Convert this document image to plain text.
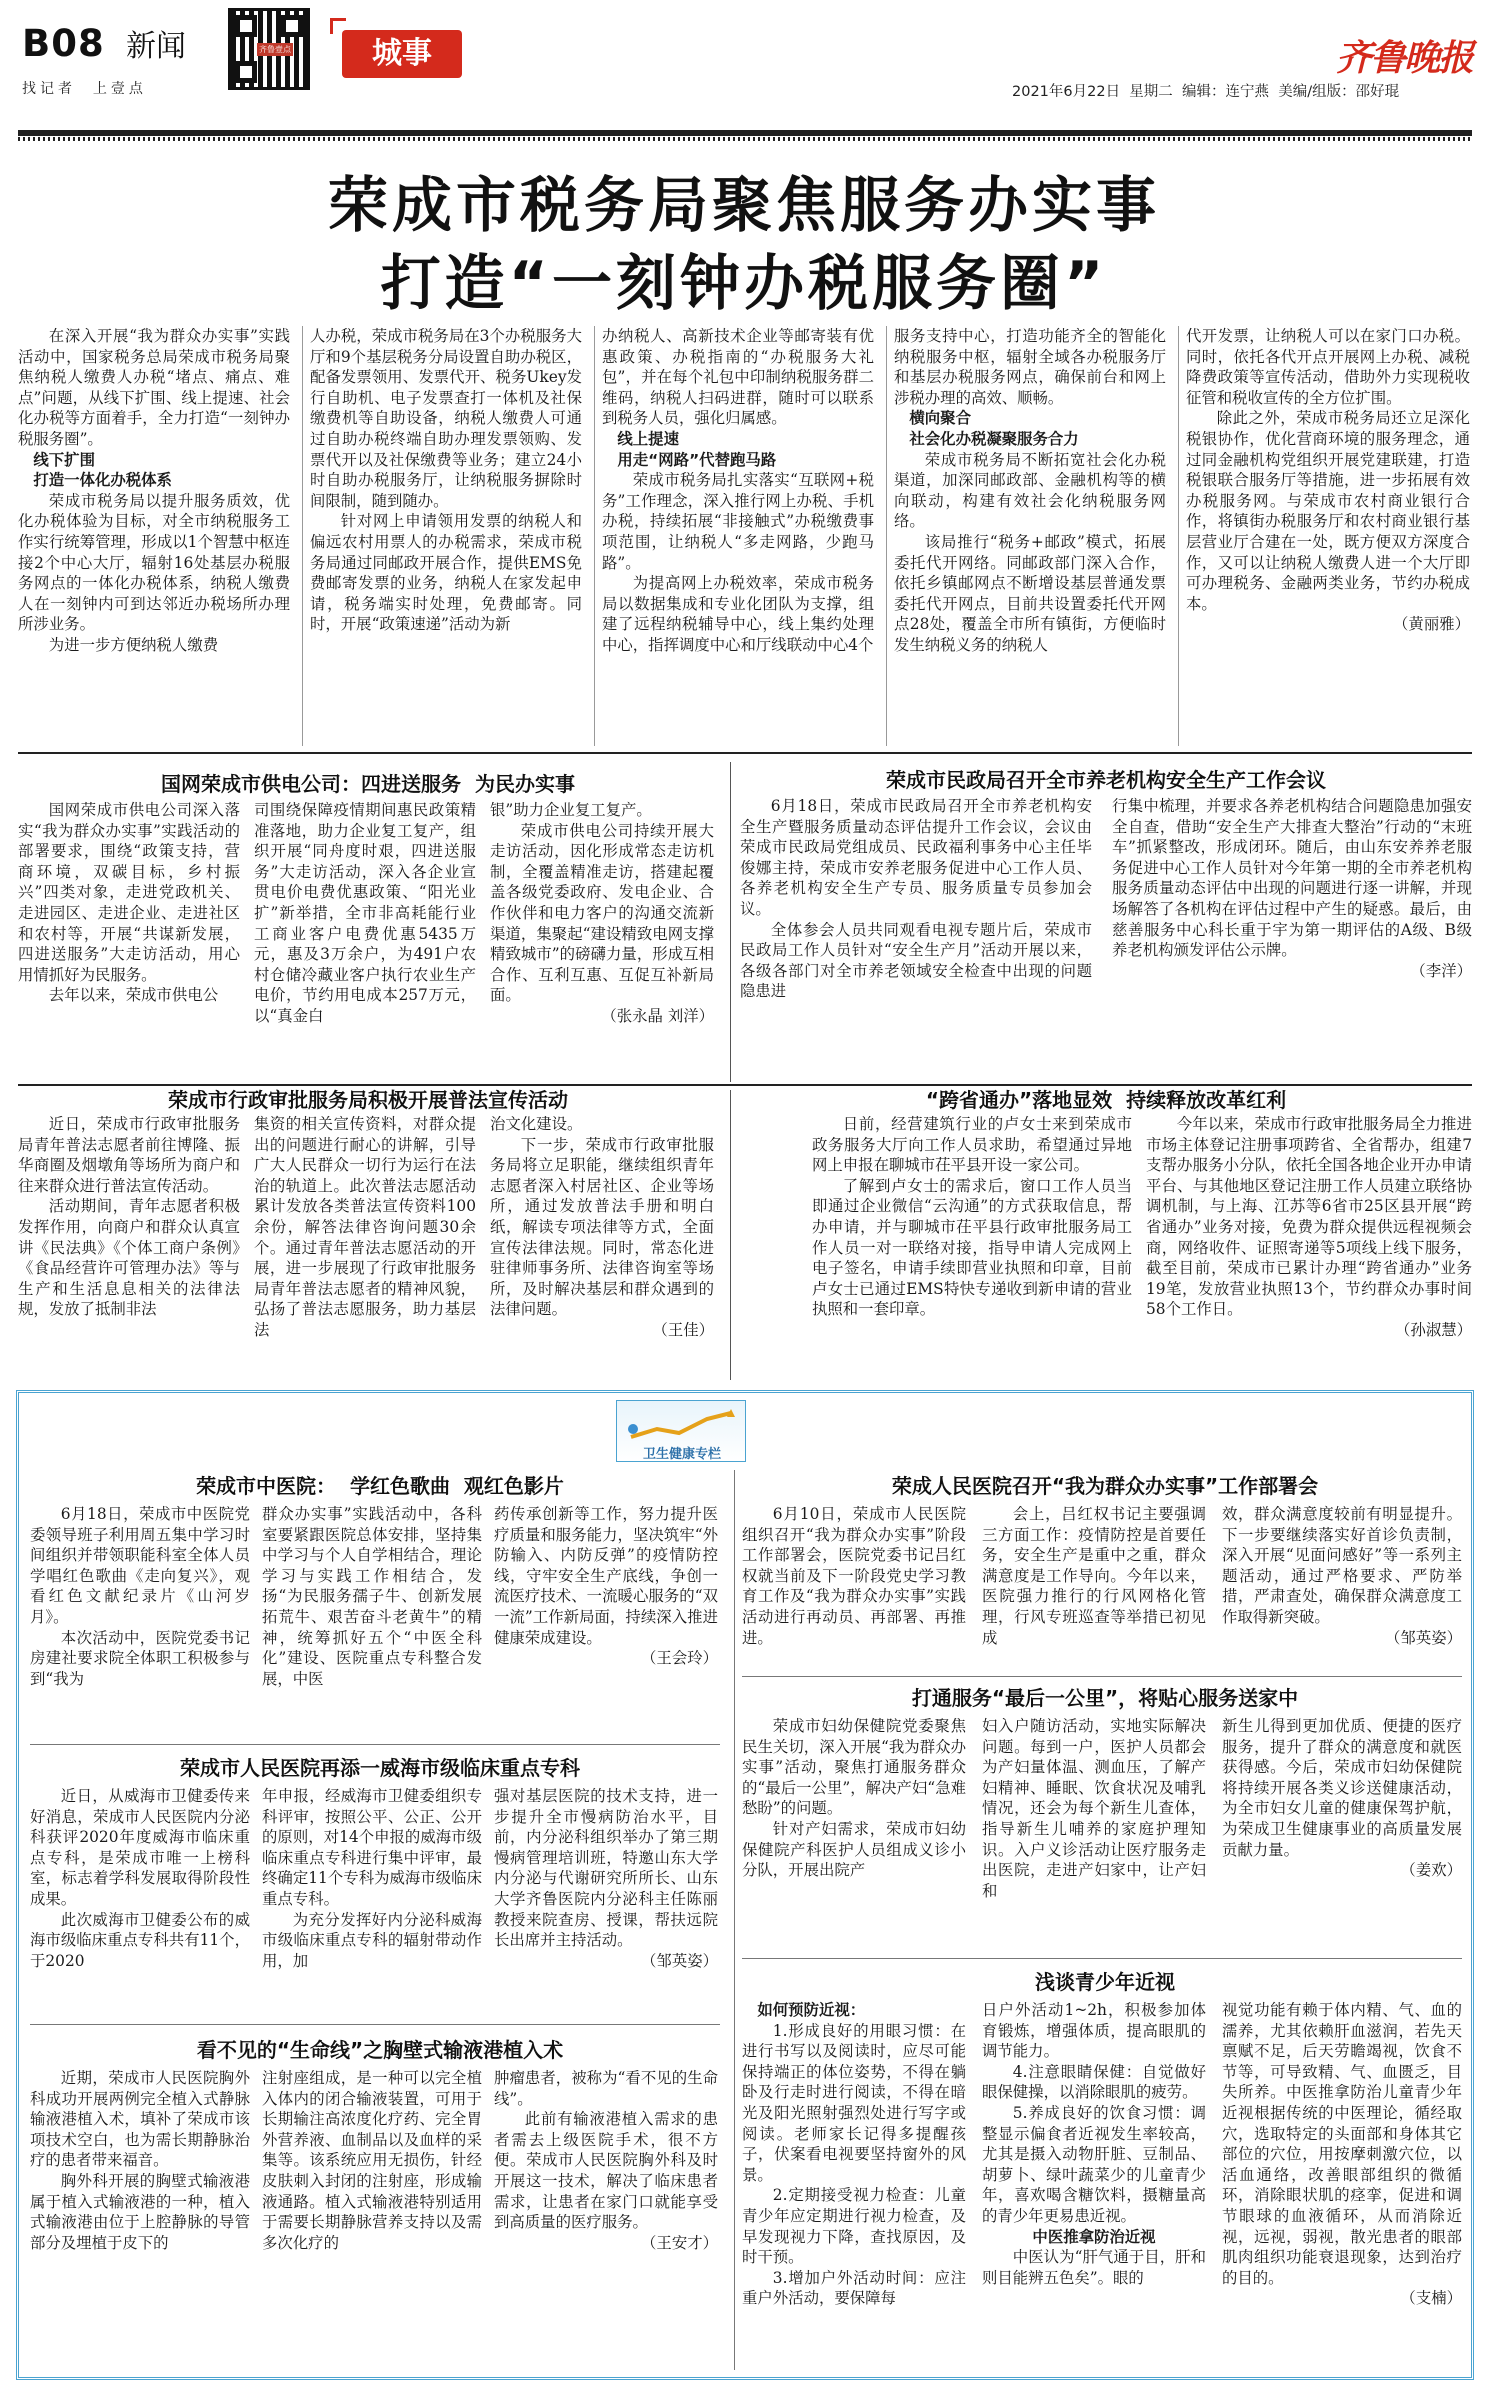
B08 新闻
找记者  上壹点
齐鲁壹点	城事	齐鲁晚报
2021年6月22日  星期二  编辑：连宁燕  美编/组版：邵好琨
荣成市税务局聚焦服务办实事
打造“一刻钟办税服务圈”
在深入开展“我为群众办实事”实践活动中，国家税务总局荣成市税务局聚焦纳税人缴费人办税“堵点、痛点、难点”问题，从线下扩围、线上提速、社会化办税等方面着手，全力打造“一刻钟办税服务圈”。
线下扩围
打造一体化办税体系
荣成市税务局以提升服务质效，优化办税体验为目标，对全市纳税服务工作实行统筹管理，形成以1个智慧中枢连接2个中心大厅，辐射16处基层办税服务网点的一体化办税体系，纳税人缴费人在一刻钟内可到达邻近办税场所办理所涉业务。
为进一步方便纳税人缴费
人办税，荣成市税务局在3个办税服务大厅和9个基层税务分局设置自助办税区，配备发票领用、发票代开、税务Ukey发行自助机、电子发票查打一体机及社保缴费机等自助设备，纳税人缴费人可通过自助办税终端自助办理发票领购、发票代开以及社保缴费等业务；建立24小时自助办税服务厅，让纳税服务摒除时间限制，随到随办。
针对网上申请领用发票的纳税人和偏远农村用票人的办税需求，荣成市税务局通过同邮政开展合作，提供EMS免费邮寄发票的业务，纳税人在家发起申请，税务端实时处理，免费邮寄。同时，开展“政策速递”活动为新
办纳税人、高新技术企业等邮寄装有优惠政策、办税指南的“办税服务大礼包”，并在每个礼包中印制纳税服务群二维码，纳税人扫码进群，随时可以联系到税务人员，强化归属感。
线上提速
用走“网路”代替跑马路
荣成市税务局扎实落实“互联网+税务”工作理念，深入推行网上办税、手机办税，持续拓展“非接触式”办税缴费事项范围，让纳税人“多走网路，少跑马路”。
为提高网上办税效率，荣成市税务局以数据集成和专业化团队为支撑，组建了远程纳税辅导中心，线上集约处理中心，指挥调度中心和厅线联动中心4个
服务支持中心，打造功能齐全的智能化纳税服务中枢，辐射全域各办税服务厅和基层办税服务网点，确保前台和网上涉税办理的高效、顺畅。
横向聚合
社会化办税凝聚服务合力
荣成市税务局不断拓宽社会化办税渠道，加深同邮政部、金融机构等的横向联动，构建有效社会化纳税服务网络。
该局推行“税务+邮政”模式，拓展委托代开网络。同邮政部门深入合作，依托乡镇邮网点不断增设基层普通发票委托代开网点，目前共设置委托代开网点28处，覆盖全市所有镇街，方便临时发生纳税义务的纳税人
代开发票，让纳税人可以在家门口办税。同时，依托各代开点开展网上办税、减税降费政策等宣传活动，借助外力实现税收征管和税收宣传的全方位扩围。
除此之外，荣成市税务局还立足深化税银协作，优化营商环境的服务理念，通过同金融机构党组织开展党建联建，打造税银联合服务厅等措施，进一步拓展有效办税服务网。与荣成市农村商业银行合作，将镇街办税服务厅和农村商业银行基层营业厅合建在一处，既方便双方深度合作，又可以让纳税人缴费人进一个大厅即可办理税务、金融两类业务，节约办税成本。
（黄丽雅）
国网荣成市供电公司：四进送服务  为民办实事
国网荣成市供电公司深入落实“我为群众办实事”实践活动的部署要求，围绕“政策支持，营商环境，双碳目标，乡村振兴”四类对象，走进党政机关、走进园区、走进企业、走进社区和农村等，开展“共谋新发展，四进送服务”大走访活动，用心用情抓好为民服务。
去年以来，荣成市供电公
司围绕保障疫情期间惠民政策精准落地，助力企业复工复产，组织开展“同舟度时艰，四进送服务”大走访活动，深入各企业宣贯电价电费优惠政策、“阳光业扩”新举措，全市非高耗能行业工商业客户电费优惠5435万元，惠及3万余户，为491户农村仓储冷藏业客户执行农业生产电价，节约用电成本257万元，以“真金白
银”助力企业复工复产。
荣成市供电公司持续开展大走访活动，因化形成常态走访机制，全覆盖精准走访，搭建起覆盖各级党委政府、发电企业、合作伙伴和电力客户的沟通交流新渠道，集聚起“建设精致电网支撑精致城市”的磅礴力量，形成互相合作、互利互惠、互促互补新局面。
（张永晶 刘洋）
荣成市民政局召开全市养老机构安全生产工作会议
6月18日，荣成市民政局召开全市养老机构安全生产暨服务质量动态评估提升工作会议，会议由荣成市民政局党组成员、民政福利事务中心主任毕俊娜主持，荣成市安养老服务促进中心工作人员、各养老机构安全生产专员、服务质量专员参加会议。
全体参会人员共同观看电视专题片后，荣成市民政局工作人员针对“安全生产月”活动开展以来，各级各部门对全市养老领域安全检查中出现的问题隐患进
行集中梳理，并要求各养老机构结合问题隐患加强安全自查，借助“安全生产大排查大整治”行动的“末班车”抓紧整改，形成闭环。随后，由山东安养养老服务促进中心工作人员针对今年第一期的全市养老机构服务质量动态评估中出现的问题进行逐一讲解，并现场解答了各机构在评估过程中产生的疑惑。最后，由慈善服务中心科长重于宇为第一期评估的A级、B级养老机构颁发评估公示牌。
（李洋）
荣成市行政审批服务局积极开展普法宣传活动
近日，荣成市行政审批服务局青年普法志愿者前往博隆、振华商圈及烟墩角等场所为商户和往来群众进行普法宣传活动。
活动期间，青年志愿者积极发挥作用，向商户和群众认真宣讲《民法典》《个体工商户条例》《食品经营许可管理办法》等与生产和生活息息相关的法律法规，发放了抵制非法
集资的相关宣传资料，对群众提出的问题进行耐心的讲解，引导广大人民群众一切行为运行在法治的轨道上。此次普法志愿活动累计发放各类普法宣传资料100余份，解答法律咨询问题30余个。通过青年普法志愿活动的开展，进一步展现了行政审批服务局青年普法志愿者的精神风貌，弘扬了普法志愿服务，助力基层法
治文化建设。
下一步，荣成市行政审批服务局将立足职能，继续组织青年志愿者深入村居社区、企业等场所，通过发放普法手册和明白纸，解读专项法律等方式，全面宣传法律法规。同时，常态化进驻律师事务所、法律咨询室等场所，及时解决基层和群众遇到的法律问题。
（王佳）
“跨省通办”落地显效  持续释放改革红利
日前，经营建筑行业的卢女士来到荣成市政务服务大厅向工作人员求助，希望通过异地网上申报在聊城市茌平县开设一家公司。
了解到卢女士的需求后，窗口工作人员当即通过企业微信“云沟通”的方式获取信息，帮办申请，并与聊城市茌平县行政审批服务局工作人员一对一联络对接，指导申请人完成网上电子签名，申请手续即营业执照和印章，目前卢女士已通过EMS特快专递收到新申请的营业执照和一套印章。
今年以来，荣成市行政审批服务局全力推进市场主体登记注册事项跨省、全省帮办，组建7支帮办服务小分队，依托全国各地企业开办申请平台、与其他地区登记注册工作人员建立联络协调机制，与上海、江苏等6省市25区县开展“跨省通办”业务对接，免费为群众提供远程视频会商，网络收件、证照寄递等5项线上线下服务，截至目前，荣成市已累计办理“跨省通办”业务19笔，发放营业执照13个，节约群众办事时间58个工作日。
（孙淑慧）
卫生健康专栏
荣成市中医院：  学红色歌曲  观红色影片
6月18日，荣成市中医院党委领导班子利用周五集中学习时间组织并带领职能科室全体人员学唱红色歌曲《走向复兴》，观看红色文献纪录片《山河岁月》。
本次活动中，医院党委书记房建社要求院全体职工积极参与到“我为
群众办实事”实践活动中，各科室要紧跟医院总体安排，坚持集中学习与个人自学相结合，理论学习与实践工作相结合，发扬“为民服务孺子牛、创新发展拓荒牛、艰苦奋斗老黄牛”的精神，统筹抓好五个“中医全科化”建设、医院重点专科整合发展，中医
药传承创新等工作，努力提升医疗质量和服务能力，坚决筑牢“外防输入、内防反弹”的疫情防控线，守牢安全生产底线，争创一流医疗技术、一流暖心服务的“双一流”工作新局面，持续深入推进健康荣成建设。
（王会玲）
荣成市人民医院再添一威海市级临床重点专科
近日，从威海市卫健委传来好消息，荣成市人民医院内分泌科获评2020年度威海市临床重点专科，是荣成市唯一上榜科室，标志着学科发展取得阶段性成果。
此次威海市卫健委公布的威海市级临床重点专科共有11个，于2020
年申报，经威海市卫健委组织专科评审，按照公平、公正、公开的原则，对14个申报的威海市级临床重点专科进行集中评审，最终确定11个专科为威海市级临床重点专科。
为充分发挥好内分泌科威海市级临床重点专科的辐射带动作用，加
强对基层医院的技术支持，进一步提升全市慢病防治水平，目前，内分泌科组织举办了第三期慢病管理培训班，特邀山东大学内分泌与代谢研究所所长、山东大学齐鲁医院内分泌科主任陈丽教授来院查房、授课，帮扶远院长出席并主持活动。
（邹英姿）
看不见的“生命线”之胸壁式输液港植入术
近期，荣成市人民医院胸外科成功开展两例完全植入式静脉输液港植入术，填补了荣成市该项技术空白，也为需长期静脉治疗的患者带来福音。
胸外科开展的胸壁式输液港属于植入式输液港的一种，植入式输液港由位于上腔静脉的导管部分及埋植于皮下的
注射座组成，是一种可以完全植入体内的闭合输液装置，可用于长期输注高浓度化疗药、完全胃外营养液、血制品以及血样的采集等。该系统应用无损伤，针经皮肤刺入封闭的注射座，形成输液通路。植入式输液港特别适用于需要长期静脉营养支持以及需多次化疗的
肿瘤患者，被称为“看不见的生命线”。
此前有输液港植入需求的患者需去上级医院手术，很不方便。荣成市人民医院胸外科及时开展这一技术，解决了临床患者需求，让患者在家门口就能享受到高质量的医疗服务。
（王安才）
荣成人民医院召开“我为群众办实事”工作部署会
6月10日，荣成市人民医院组织召开“我为群众办实事”阶段工作部署会，医院党委书记吕红权就当前及下一阶段党史学习教育工作及“我为群众办实事”实践活动进行再动员、再部署、再推进。
会上，吕红权书记主要强调三方面工作：疫情防控是首要任务，安全生产是重中之重，群众满意度是工作导向。今年以来，医院强力推行的行风网格化管理，行风专班巡查等举措已初见成
效，群众满意度较前有明显提升。下一步要继续落实好首诊负责制，深入开展“见面问感好”等一系列主题活动，通过严格要求、严防举措，严肃查处，确保群众满意度工作取得新突破。
（邹英姿）
打通服务“最后一公里”，将贴心服务送家中
荣成市妇幼保健院党委聚焦民生关切，深入开展“我为群众办实事”活动，聚焦打通服务群众的“最后一公里”，解决产妇“急难愁盼”的问题。
针对产妇需求，荣成市妇幼保健院产科医护人员组成义诊小分队，开展出院产
妇入户随访活动，实地实际解决问题。每到一户，医护人员都会为产妇量体温、测血压，了解产妇精神、睡眠、饮食状况及哺乳情况，还会为每个新生儿查体，指导新生儿哺养的家庭护理知识。入户义诊活动让医疗服务走出医院，走进产妇家中，让产妇和
新生儿得到更加优质、便捷的医疗服务，提升了群众的满意度和就医获得感。今后，荣成市妇幼保健院将持续开展各类义诊送健康活动，为全市妇女儿童的健康保驾护航，为荣成卫生健康事业的高质量发展贡献力量。
（姜欢）
浅谈青少年近视
如何预防近视：
1.形成良好的用眼习惯：在进行书写以及阅读时，应尽可能保持端正的体位姿势，不得在躺卧及行走时进行阅读，不得在暗光及阳光照射强烈处进行写字或阅读。老师家长记得多提醒孩子，伏案看电视要坚持窗外的风景。
2.定期接受视力检查：儿童青少年应定期进行视力检查，及早发现视力下降，查找原因，及时干预。
3.增加户外活动时间：应注重户外活动，要保障每
日户外活动1~2h，积极参加体育锻炼，增强体质，提高眼肌的调节能力。
4.注意眼睛保健：自觉做好眼保健操，以消除眼肌的疲劳。
5.养成良好的饮食习惯：调整显示偏食者近视发生率较高，尤其是摄入动物肝脏、豆制品、胡萝卜、绿叶蔬菜少的儿童青少年，喜欢喝含糖饮料，摄糖量高的青少年更易患近视。
中医推拿防治近视
中医认为“肝气通于目，肝和则目能辨五色矣”。眼的
视觉功能有赖于体内精、气、血的濡养，尤其依赖肝血滋润，若先天禀赋不足，后天劳瞻竭视，饮食不节等，可导致精、气、血匮乏，目失所养。中医推拿防治儿童青少年近视根据传统的中医理论，循经取穴，选取特定的头面部和身体其它部位的穴位，用按摩刺激穴位，以活血通络，改善眼部组织的微循环，消除眼状肌的痉挛，促进和调节眼球的血液循环，从而消除近视，远视，弱视，散光患者的眼部肌肉组织功能衰退现象，达到治疗的目的。
（支楠）
